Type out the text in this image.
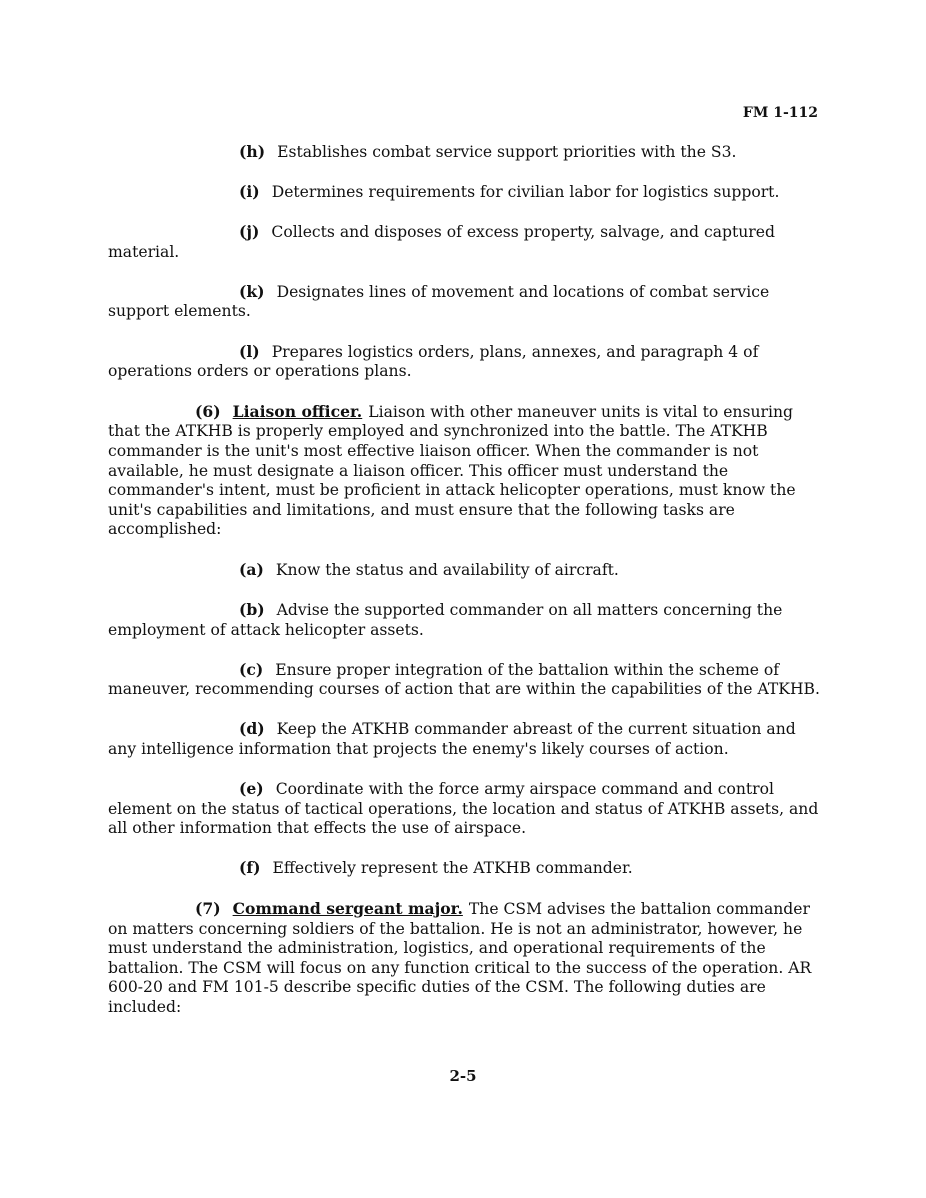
FM 1-112

(h) Establishes combat service support priorities with the S3.

(i) Determines requirements for civilian labor for logistics support.

(j) Collects and disposes of excess property, salvage, and captured material.

(k) Designates lines of movement and locations of combat service support elements.

(l) Prepares logistics orders, plans, annexes, and paragraph 4 of operations orders or operations plans.

(6) Liaison officer. Liaison with other maneuver units is vital to ensuring that the ATKHB is properly employed and synchronized into the battle. The ATKHB commander is the unit's most effective liaison officer. When the commander is not available, he must designate a liaison officer. This officer must understand the commander's intent, must be proficient in attack helicopter operations, must know the unit's capabilities and limitations, and must ensure that the following tasks are accomplished:

(a) Know the status and availability of aircraft.

(b) Advise the supported commander on all matters concerning the employment of attack helicopter assets.

(c) Ensure proper integration of the battalion within the scheme of maneuver, recommending courses of action that are within the capabilities of the ATKHB.

(d) Keep the ATKHB commander abreast of the current situation and any intelligence information that projects the enemy's likely courses of action.

(e) Coordinate with the force army airspace command and control element on the status of tactical operations, the location and status of ATKHB assets, and all other information that effects the use of airspace.

(f) Effectively represent the ATKHB commander.

(7) Command sergeant major. The CSM advises the battalion commander on matters concerning soldiers of the battalion. He is not an administrator, however, he must understand the administration, logistics, and operational requirements of the battalion. The CSM will focus on any function critical to the success of the operation. AR 600-20 and FM 101-5 describe specific duties of the CSM. The following duties are included:

2-5
